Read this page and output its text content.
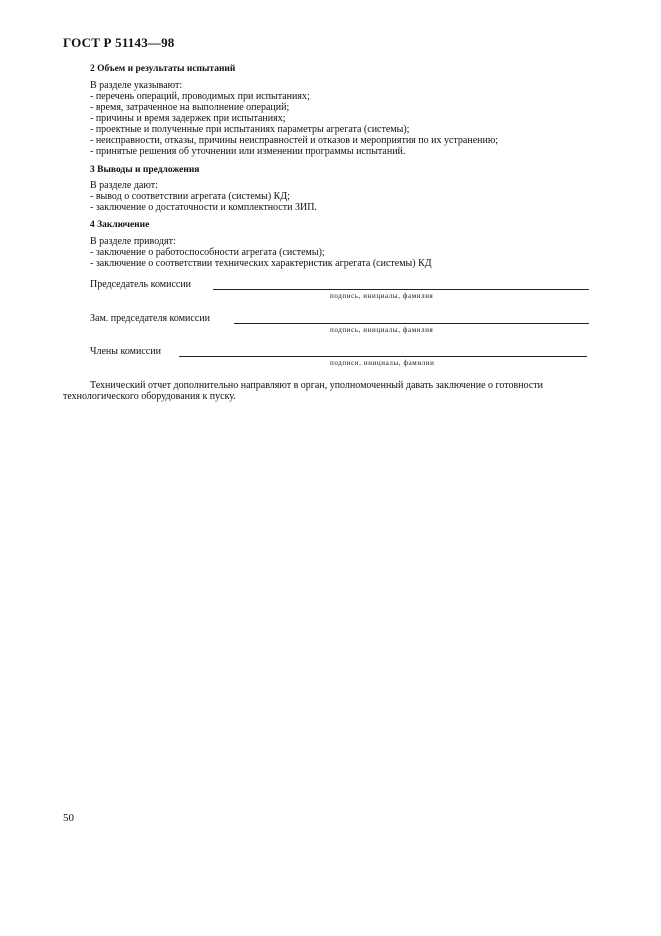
ГОСТ Р 51143—98
2 Объем и результаты испытаний
В разделе указывают:
- перечень операций, проводимых при испытаниях;
- время, затраченное на выполнение операций;
- причины и время задержек при испытаниях;
- проектные и полученные при испытаниях параметры агрегата (системы);
- неисправности, отказы, причины неисправностей и отказов и мероприятия по их устранению;
- принятые решения об уточнении или изменении программы испытаний.
3 Выводы и предложения
В разделе дают:
- вывод о соответствии агрегата (системы) КД;
- заключение о достаточности и комплектности ЗИП.
4 Заключение
В разделе приводят:
- заключение о работоспособности агрегата (системы);
- заключение о соответствии технических характеристик агрегата (системы) КД
Председатель комиссии
подпись, инициалы, фамилия
Зам. председателя комиссии
подпись, инициалы, фамилия
Члены комиссии
подписи, инициалы, фамилии
Технический отчет дополнительно направляют в орган, уполномоченный давать заключение о готовности
технологического оборудования к пуску.
50
